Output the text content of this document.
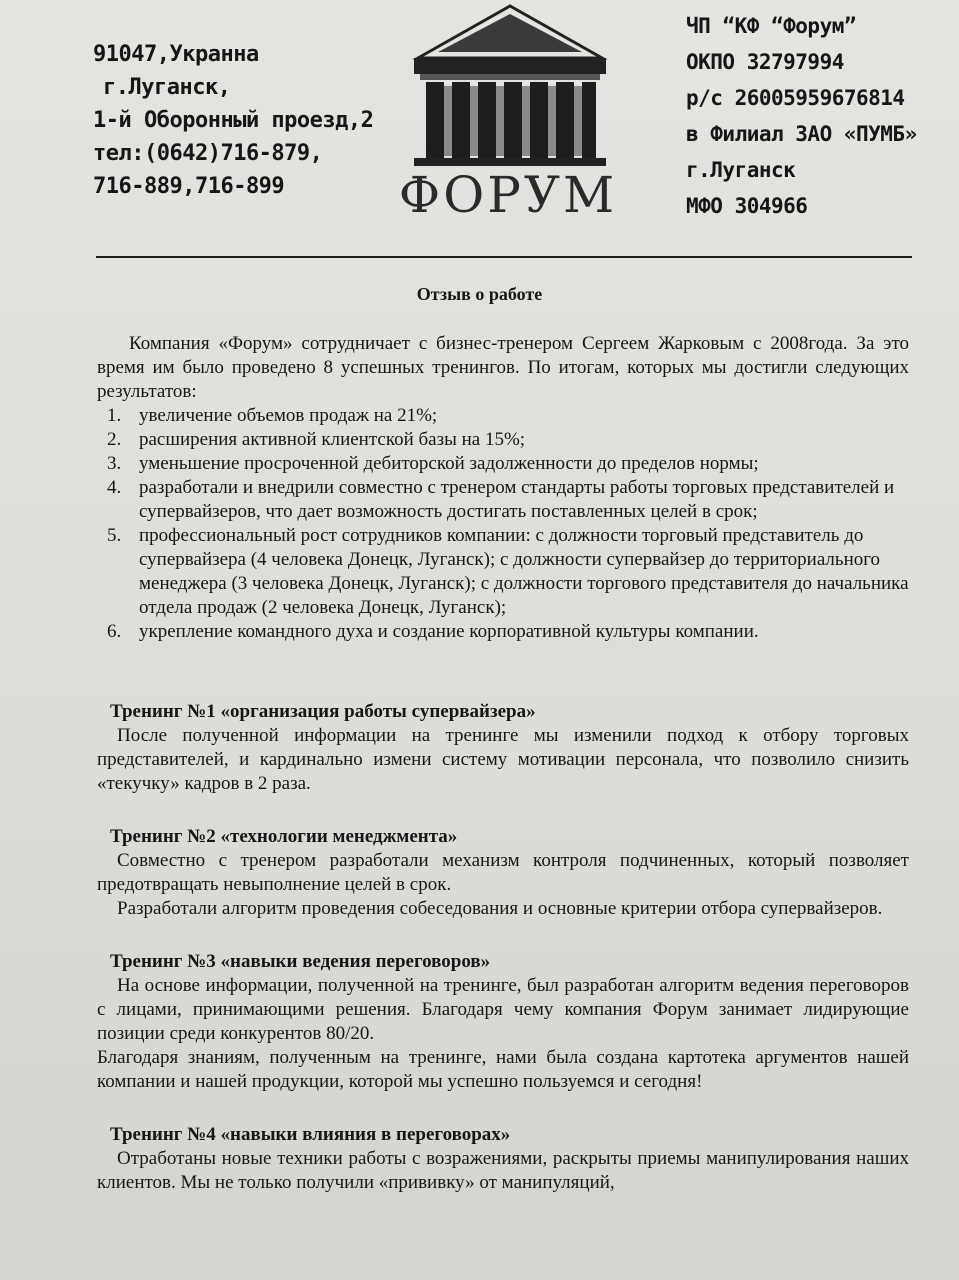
91047,Укранна
г.Луганск,
1-й Оборонный проезд,2
тел:(0642)716-879,
716-889,716-899	ФОРУМ
ЧП “КФ “Форум”
ОКПО 32797994
р/с 26005959676814
в Филиал ЗАО «ПУМБ»
г.Луганск
МФО 304966
Отзыв о работе

Компания «Форум» сотрудничает с бизнес-тренером Сергеем Жарковым с 2008года. За это время им было проведено 8 успешных тренингов. По итогам, которых мы достигли следующих результатов:

1. увеличение объемов продаж на 21%;
2. расширения активной клиентской базы на 15%;
3. уменьшение просроченной дебиторской задолженности до пределов нормы;
4. разработали и внедрили совместно с тренером стандарты работы торговых представителей и супервайзеров, что дает возможность достигать поставленных целей в срок;
5. профессиональный рост сотрудников компании: с должности торговый представитель до супервайзера (4 человека Донецк, Луганск); с должности супервайзер до территориального менеджера (3 человека Донецк, Луганск); с должности торгового представителя до начальника отдела продаж (2 человека Донецк, Луганск);
6. укрепление командного духа и создание корпоративной культуры компании.
Тренинг №1 «организация работы супервайзера»

После полученной информации на тренинге мы изменили подход к отбору торговых представителей, и кардинально измени систему мотивации персонала, что позволило снизить «текучку» кадров в 2 раза.

Тренинг №2 «технологии менеджмента»

Совместно с тренером разработали механизм контроля подчиненных, который позволяет предотвращать невыполнение целей в срок.

Разработали алгоритм проведения собеседования и основные критерии отбора супервайзеров.

Тренинг №3 «навыки ведения переговоров»

На основе информации, полученной на тренинге, был разработан алгоритм ведения переговоров с лицами, принимающими решения. Благодаря чему компания Форум занимает лидирующие позиции среди конкурентов 80/20.

Благодаря знаниям, полученным на тренинге, нами была создана картотека аргументов нашей компании и нашей продукции, которой мы успешно пользуемся и сегодня!

Тренинг №4 «навыки влияния в переговорах»

Отработаны новые техники работы с возражениями, раскрыты приемы манипулирования наших клиентов. Мы не только получили «прививку» от манипуляций,
